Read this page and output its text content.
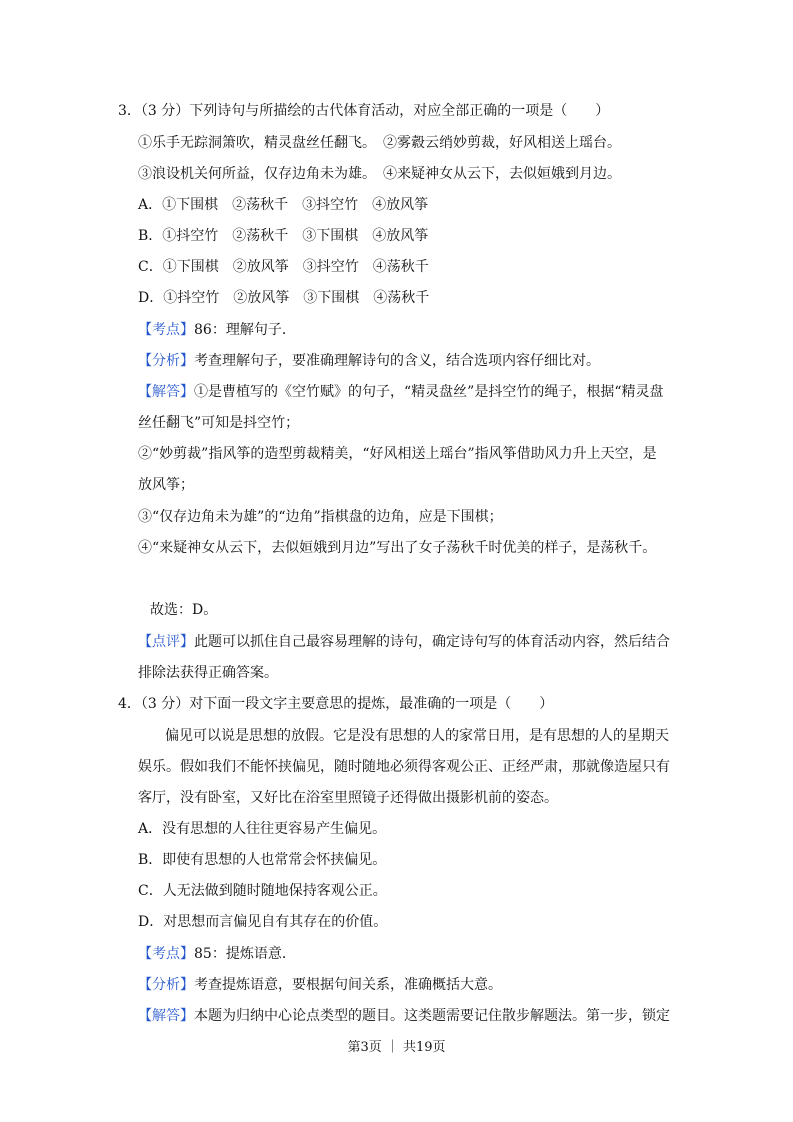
3．（3 分）下列诗句与所描绘的古代体育活动，对应全部正确的一项是（　　）
①乐手无踪洞箫吹，精灵盘丝任翻飞。　②雾縠云绡妙剪裁，好风相送上瑶台。
③浪设机关何所益，仅存边角未为雄。　④来疑神女从云下，去似姮娥到月边。
A．①下围棋　②荡秋千　③抖空竹　④放风筝
B．①抖空竹　②荡秋千　③下围棋　④放风筝
C．①下围棋　②放风筝　③抖空竹　④荡秋千
D．①抖空竹　②放风筝　③下围棋　④荡秋千
【考点】86：理解句子．
【分析】考查理解句子，要准确理解诗句的含义，结合选项内容仔细比对。
【解答】①是曹植写的《空竹赋》的句子，“精灵盘丝”是抖空竹的绳子，根据“精灵盘
丝任翻飞”可知是抖空竹；
②“妙剪裁”指风筝的造型剪裁精美，“好风相送上瑶台”指风筝借助风力升上天空，是
放风筝；
③“仅存边角未为雄”的“边角”指棋盘的边角，应是下围棋；
④“来疑神女从云下，去似姮娥到月边”写出了女子荡秋千时优美的样子，是荡秋千。
故选：D。
【点评】此题可以抓住自己最容易理解的诗句，确定诗句写的体育活动内容，然后结合
排除法获得正确答案。
4．（3 分）对下面一段文字主要意思的提炼，最准确的一项是（　　）
偏见可以说是思想的放假。它是没有思想的人的家常日用，是有思想的人的星期天
娱乐。假如我们不能怀挟偏见，随时随地必须得客观公正、正经严肃，那就像造屋只有
客厅，没有卧室，又好比在浴室里照镜子还得做出摄影机前的姿态。
A．没有思想的人往往更容易产生偏见。
B．即使有思想的人也常常会怀挟偏见。
C．人无法做到随时随地保持客观公正。
D．对思想而言偏见自有其存在的价值。
【考点】85：提炼语意．
【分析】考查提炼语意，要根据句间关系，准确概括大意。
【解答】本题为归纳中心论点类型的题目。这类题需要记住散步解题法。第一步，锁定
第3页 ｜ 共19页
